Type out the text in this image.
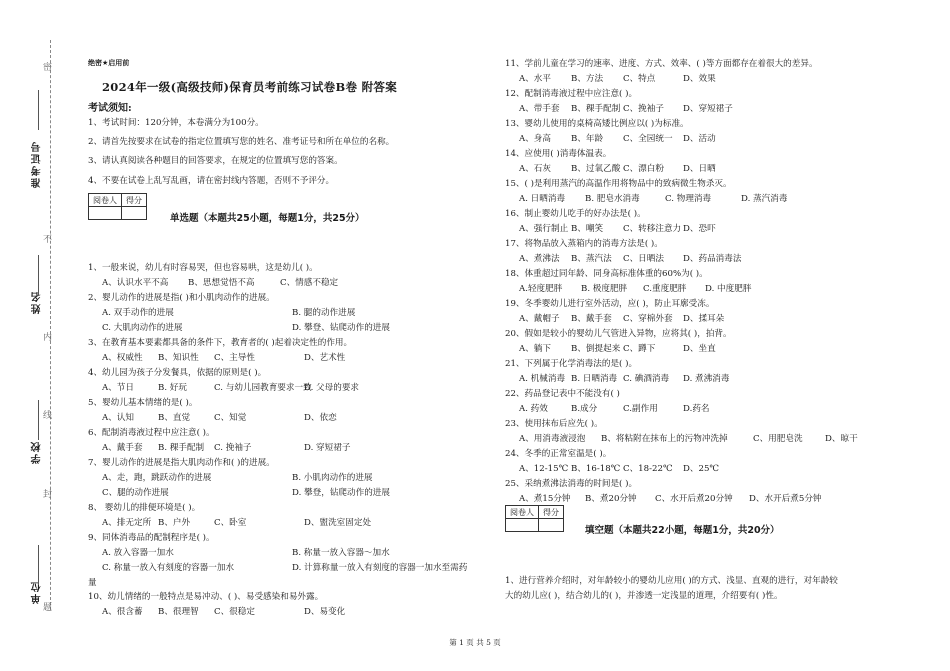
准考证号
姓名
学校
单位
密
不
内
线
封
题
绝密★启用前
2024年一级(高级技师)保育员考前练习试卷B卷 附答案
考试须知:
1、考试时间：120分钟，本卷满分为100分。
2、请首先按要求在试卷的指定位置填写您的姓名、准考证号和所在单位的名称。
3、请认真阅读各种题目的回答要求，在规定的位置填写您的答案。
4、不要在试卷上乱写乱画，请在密封线内答题，否则不予评分。
阅卷人	得分

单选题（本题共25小题，每题1分，共25分）
1、一般来说，幼儿有时容易哭，但也容易哄，这是幼儿( )。
A、认识水平不高 B、思想觉悟不高	C、情感不稳定
2、婴儿动作的进展是指( )和小肌肉动作的进展。
A. 双手动作的进展	B. 腿的动作进展
C. 大肌肉动作的进展	D. 攀登、钻爬动作的进展
3、在教育基本要素都具备的条件下，教育者的( )起着决定性的作用。
A、权威性 B、知识性 C、主导性	D、艺术性
4、幼儿园为孩子分发餐具，依据的原则是( )。
A、节日	B. 好玩	C. 与幼儿园教育要求一致D. 父母的要求
5、婴幼儿基本情绪的是( )。
A、认知	B、直觉	C、知觉	D、依恋
6、配制消毒液过程中应注意( )。
A、戴手套 B. 稞手配制 C. 挽袖子	D. 穿短裙子
7、婴儿动作的进展是指大肌肉动作和( )的进展。
A、走，跑，跳跃动作的进展	B. 小肌肉动作的进展
C、腿的动作进展	D. 攀登，钻爬动作的进展
8、 婴幼儿的排便环境是( )。
A、排无定所 B、户外	C、卧室	D、盥洗室固定处
9、同体消毒品的配制程序是( )。
A. 放入容器一加水	B. 称量一放入容器～加水
C. 称量一放入有刻度的容器一加水	D. 计算称量一放入有刻度的容器一加水至需药
量
10、幼儿情绪的一般特点是易冲动、( )、易受感染和易外露。
A、很含蓄 B、很理智 C、很稳定	D、易变化
11、学前儿童在学习的速率、进度、方式、效率、( )等方面都存在着很大的差异。
A、水平 B、方法 C、特点	D、效果
12、配制消毒液过程中应注意( )。
A、带手套 B、稞手配制 C、挽袖子 D、穿短裙子
13、婴幼儿使用的桌椅高矮比例应以( )为标准。
A、身高 B、年龄 C、全园统一 D、活动
14、应使用( )消毒体温表。
A、石灰 B、过氧乙酸 C、漂白粉 D、日晒
15、( )是利用蒸汽的高温作用将物品中的致病微生物杀灭。
A. 日晒消毒 B. 肥皂水消毒	C. 物理消毒	D. 蒸汽消毒
16、制止婴幼儿吃手的好办法是( )。
A、强行制止 B、嘲笑 C、转移注意力 D、恐吓
17、将物品放入蒸箱内的消毒方法是( )。
A、煮沸法 B、蒸汽法 C、日晒法 D、药品消毒法
18、体重超过同年龄、同身高标准体重的60%为( )。
A.轻度肥胖 B. 极度肥胖 C.重度肥胖 D. 中度肥胖
19、冬季婴幼儿进行室外活动，应( )，防止耳廓受冻。
A、戴帽子 B、戴手套 C、穿棉外套 D、揉耳朵
20、假如是较小的婴幼儿气管进入异物，应将其( )，拍背。
A、躺下 B、倒提起来 C、蹲下	D、坐直
21、下列属于化学消毒法的是( )。
A. 机械消毒 B. 日晒消毒 C. 碘酒消毒 D. 煮沸消毒
22、药品登记表中不能没有( )
A. 药效	B.成分	C.副作用	D.药名
23、使用抹布后应先( )。
A、用消毒液浸泡 B、将粘附在抹布上的污物冲洗掉	C、用肥皂洗	D、晾干
24、冬季的正常室温是( )。
A、12-15℃ B、16-18℃ C、18-22℃ D、25℃
25、采纳煮沸法消毒的时间是( )。
A、煮15分钟 B、煮20分钟 C、水开后煮20分钟 D、水开后煮5分钟
阅卷人	得分

填空题（本题共22小题，每题1分，共20分）
1、进行营养介绍时，对年龄较小的婴幼儿应用( )的方式、浅显、直观的进行，对年龄较
大的幼儿应( )，结合幼儿的( )，并渗透一定浅显的道理，介绍要有( )性。
第 1 页 共 5 页
